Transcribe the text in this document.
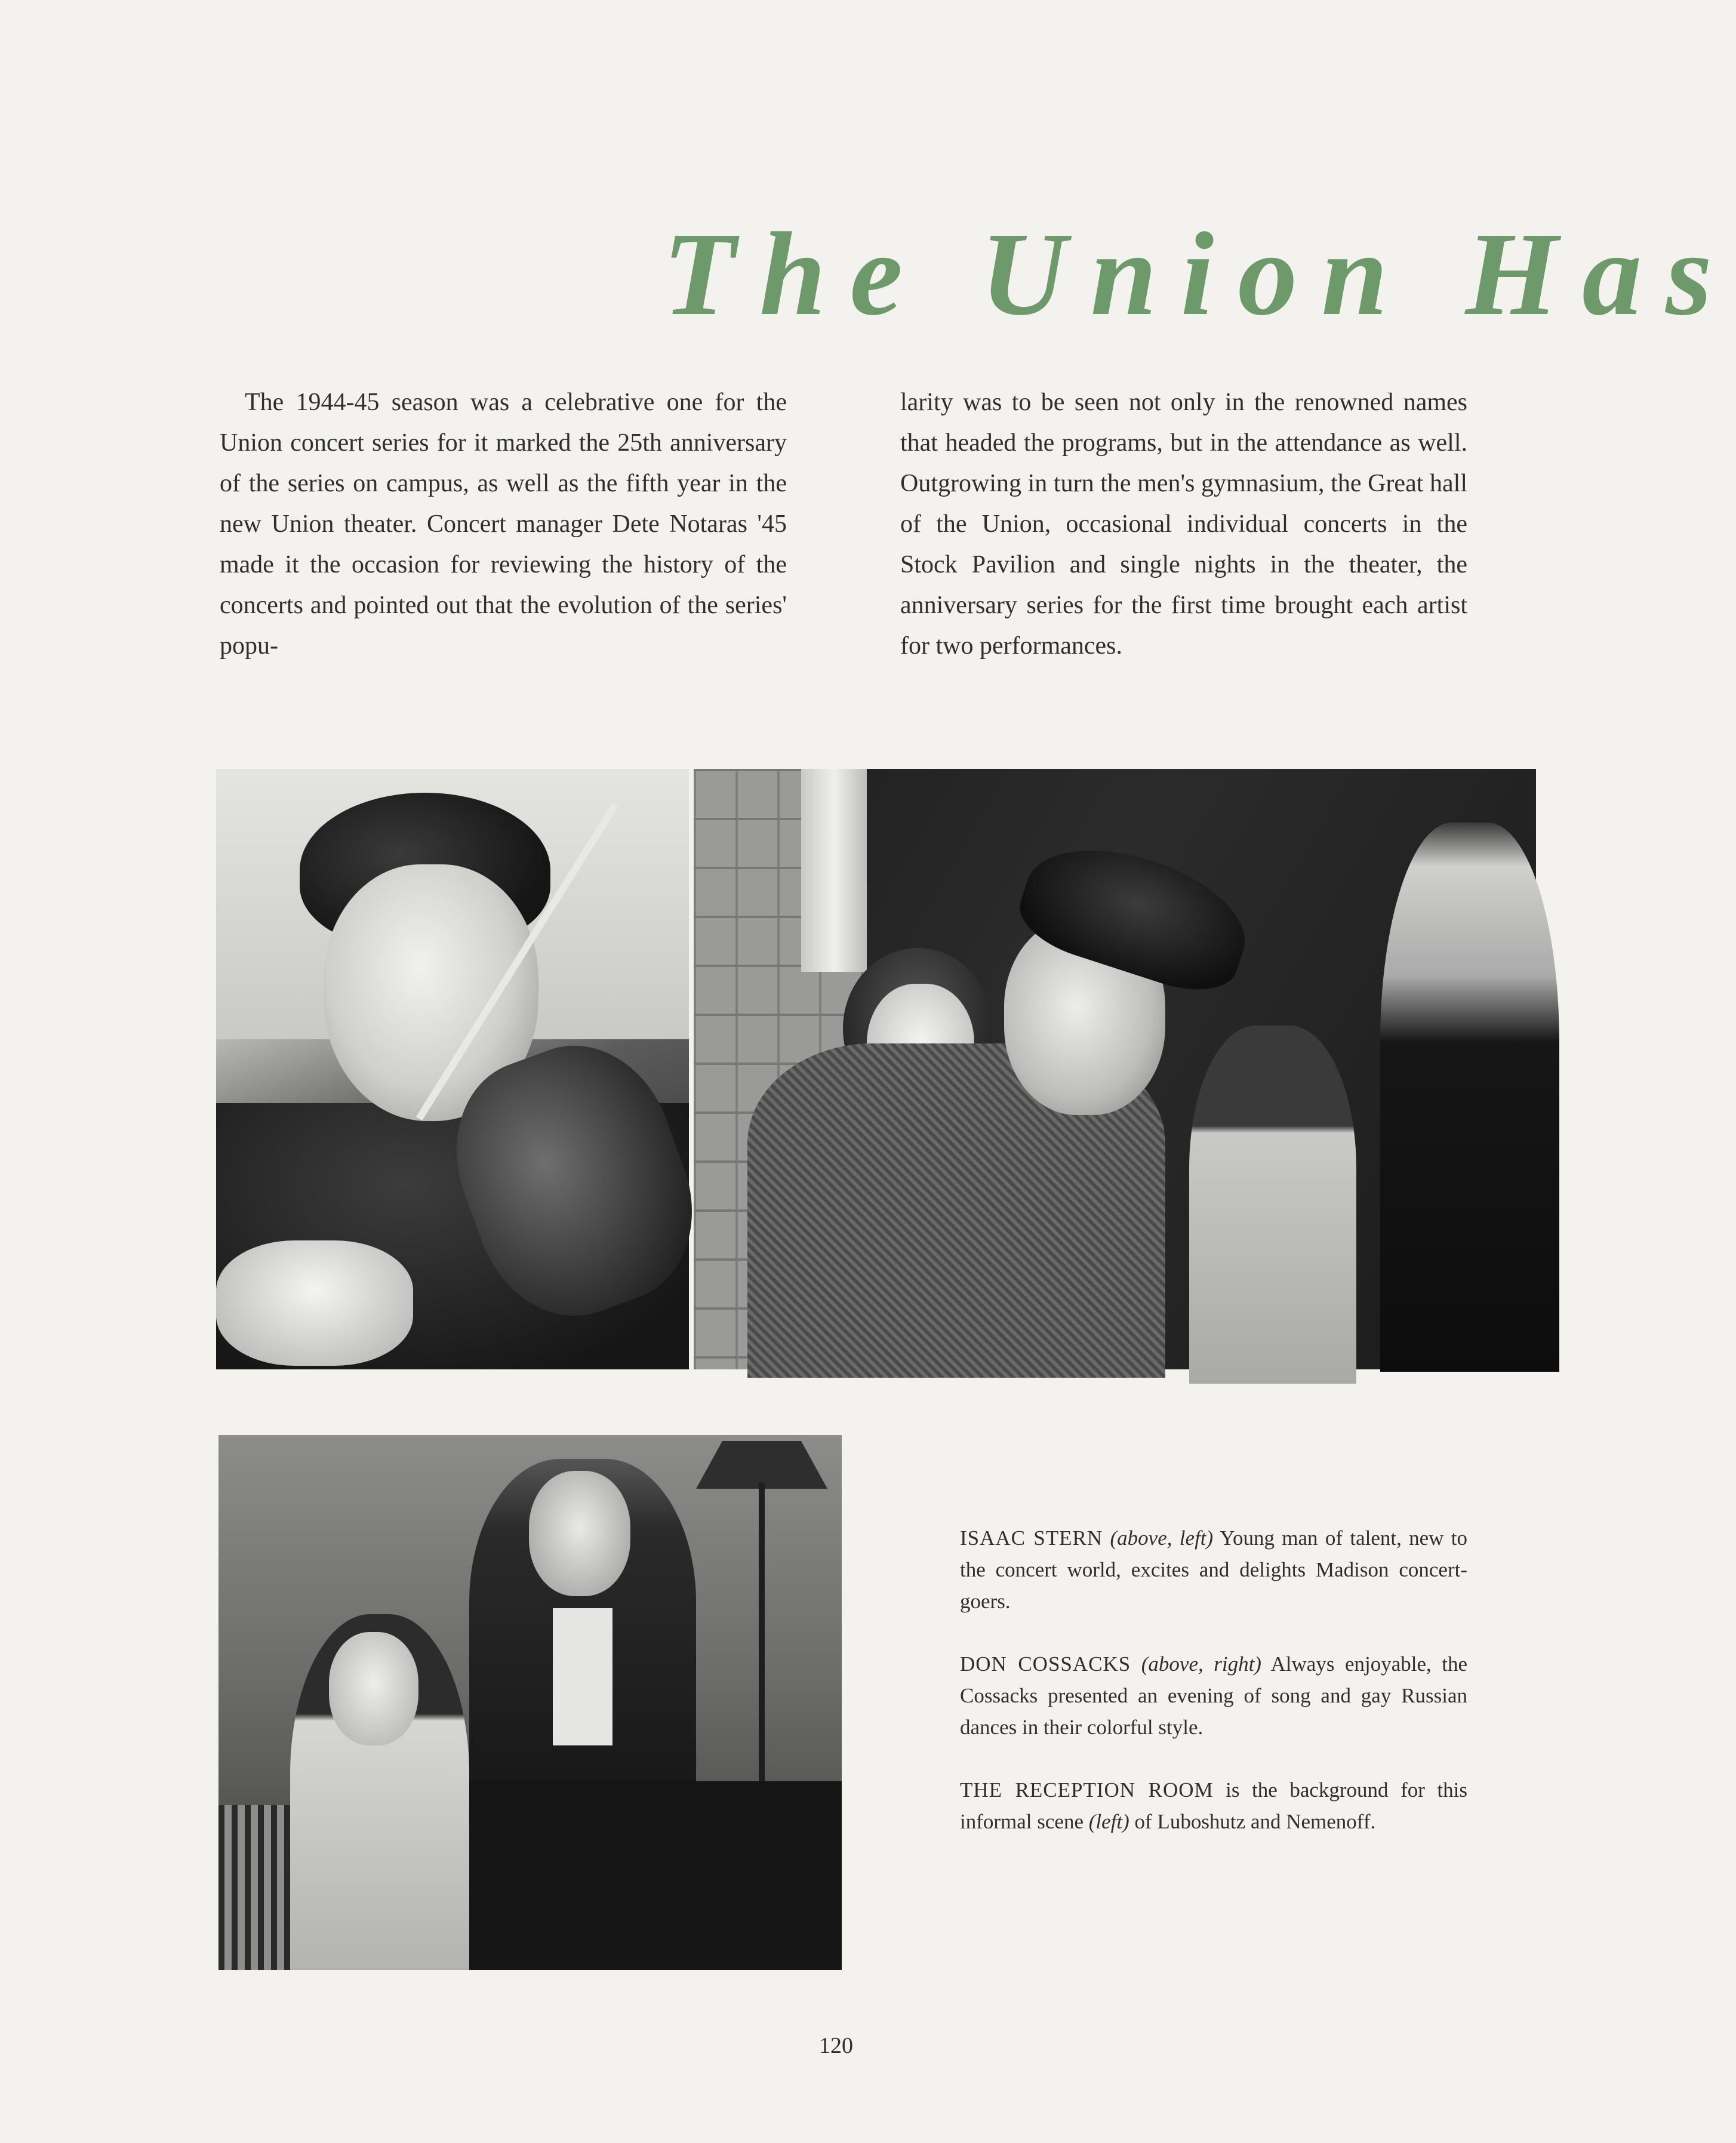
The Union Has

The 1944-45 season was a celebrative one for the Union concert series for it marked the 25th anniversary of the series on campus, as well as the fifth year in the new Union theater. Concert manager Dete Notaras '45 made it the occasion for reviewing the history of the concerts and pointed out that the evolution of the series' popu-

larity was to be seen not only in the renowned names that headed the programs, but in the attendance as well. Outgrowing in turn the men's gymnasium, the Great hall of the Union, occasional individual concerts in the Stock Pavilion and single nights in the theater, the anniversary series for the first time brought each artist for two performances.

ISAAC STERN (above, left) Young man of talent, new to the concert world, excites and delights Madison concert-goers.

DON COSSACKS (above, right) Always enjoyable, the Cossacks presented an evening of song and gay Russian dances in their colorful style.

THE RECEPTION ROOM is the background for this informal scene (left) of Luboshutz and Nemenoff.

120
